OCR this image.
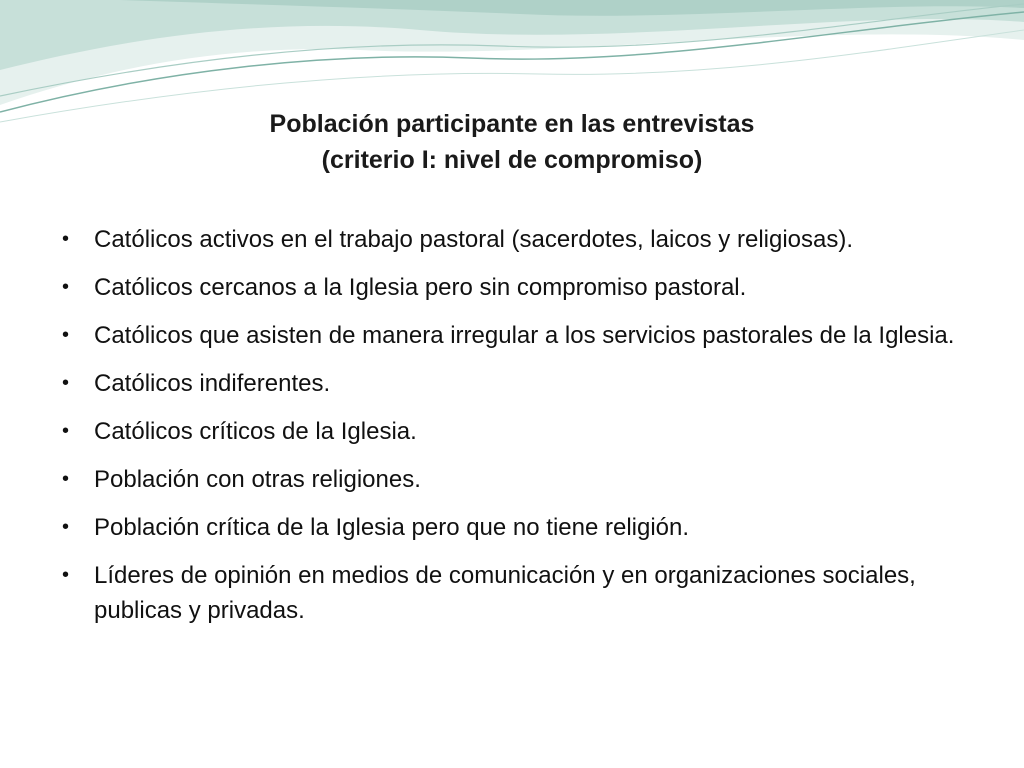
Población participante en las entrevistas
(criterio I: nivel de compromiso)
• Católicos activos en el trabajo pastoral (sacerdotes, laicos y religiosas).
• Católicos cercanos a la Iglesia pero sin compromiso pastoral.
• Católicos que asisten de manera irregular a los servicios pastorales de la Iglesia.
• Católicos indiferentes.
• Católicos críticos de la Iglesia.
• Población con otras religiones.
• Población crítica de la Iglesia pero que no tiene religión.
• Líderes de opinión en medios de comunicación y en organizaciones sociales, publicas y privadas.
